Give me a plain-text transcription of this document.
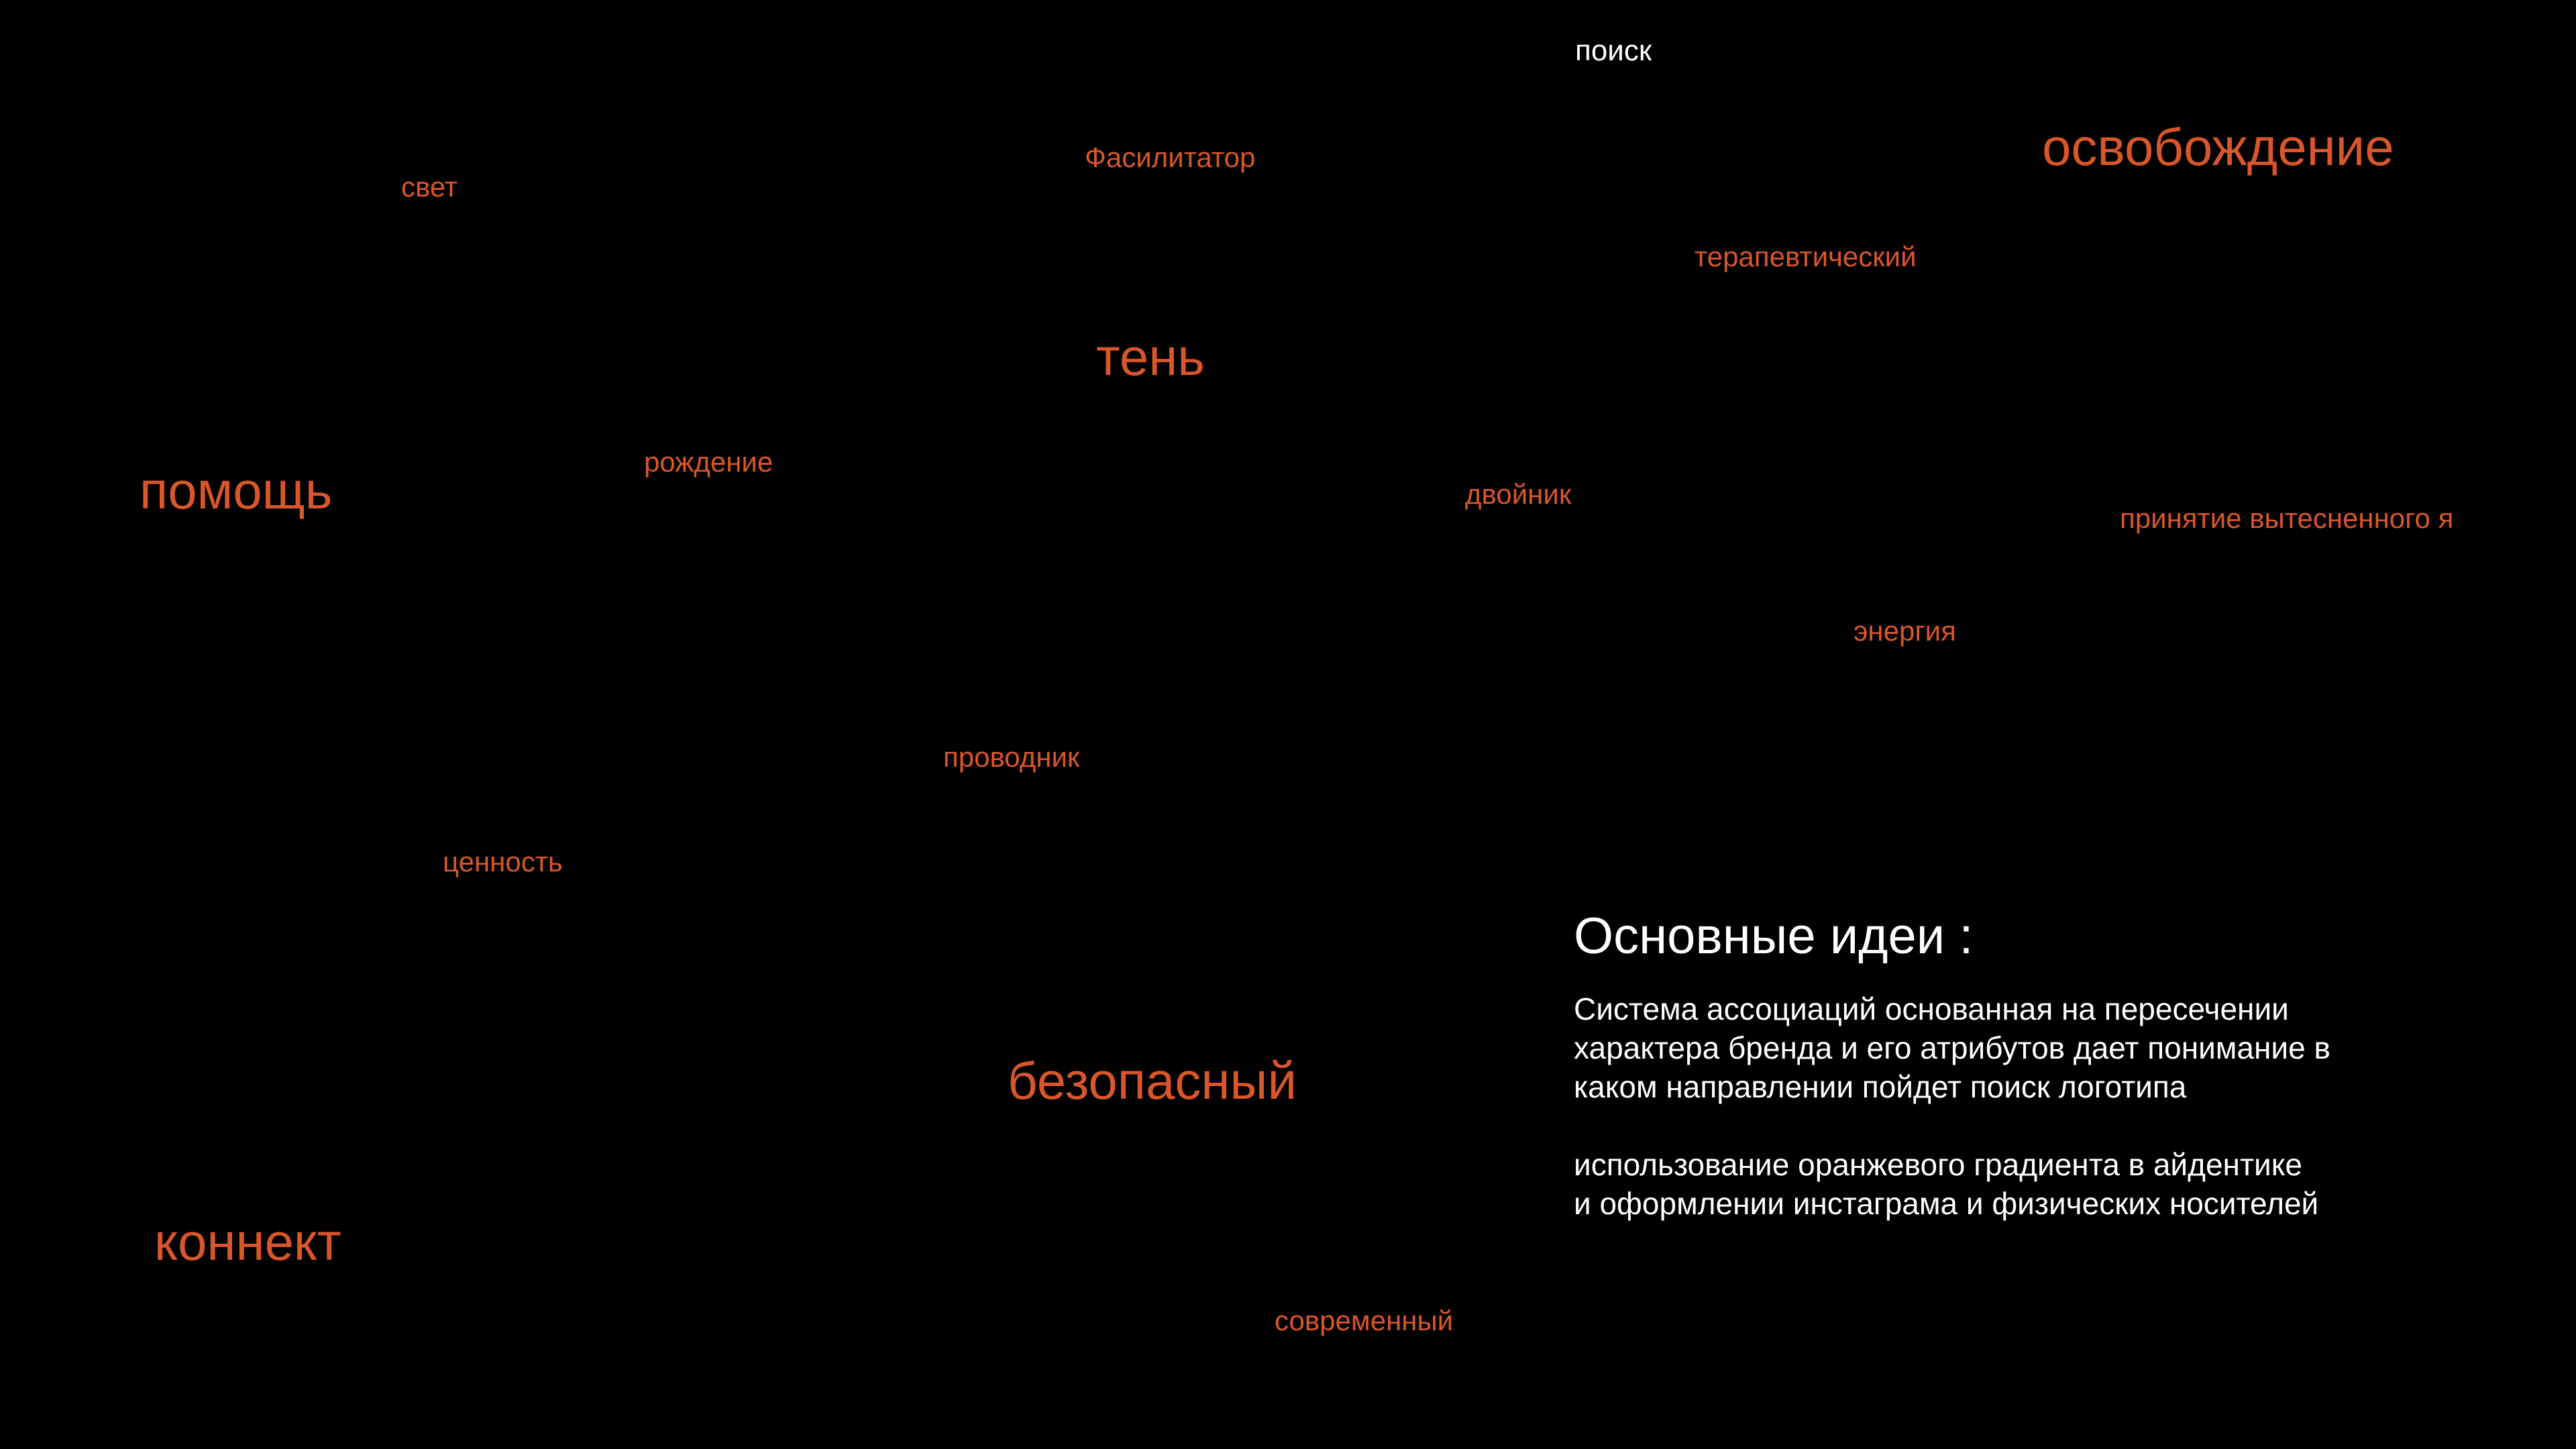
поиск
Фасилитатор	освобождение
свет
терапевтический
тень
помощь	рождение
двойник
принятие вытесненного я
энергия
проводник
ценность
безопасный
коннект
современный
Основные идеи :

Система ассоциаций основанная на пересечении
характера бренда и его атрибутов дает понимание в
каком направлении пойдет поиск логотипа

использование оранжевого градиента в айдентике
и оформлении инстаграма и физических носителей
